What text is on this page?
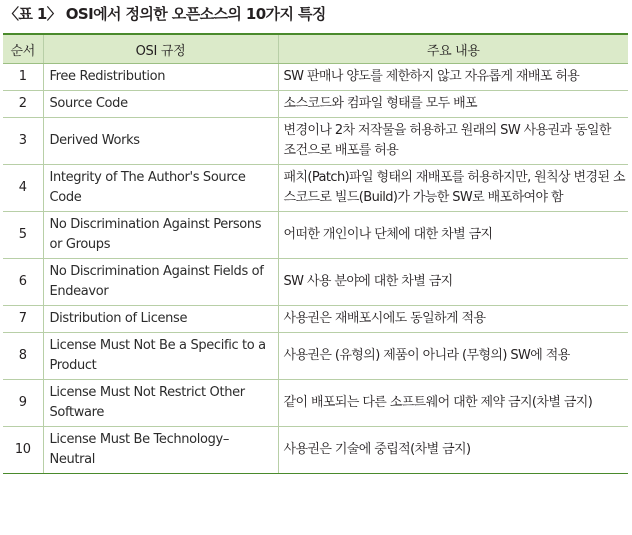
〈표 1〉 OSI에서 정의한 오픈소스의 10가지 특징
순서	OSI 규정	주요 내용
1	Free Redistribution	SW 판매나 양도를 제한하지 않고 자유롭게 재배포 허용
2	Source Code	소스코드와 컴파일 형태를 모두 배포
3	Derived Works	변경이나 2차 저작물을 허용하고 원래의 SW 사용권과 동일한 조건으로 배포를 허용
4	Integrity of The Author's Source Code	패치(Patch)파일 형태의 재배포를 허용하지만, 원칙상 변경된 소스코드로 빌드(Build)가 가능한 SW로 배포하여야 함
5	No Discrimination Against Persons or Groups	어떠한 개인이나 단체에 대한 차별 금지
6	No Discrimination Against Fields of Endeavor	SW 사용 분야에 대한 차별 금지
7	Distribution of License	사용권은 재배포시에도 동일하게 적용
8	License Must Not Be a Specific to a Product	사용권은 (유형의) 제품이 아니라 (무형의) SW에 적용
9	License Must Not Restrict Other Software	같이 배포되는 다른 소프트웨어 대한 제약 금지(차별 금지)
10	License Must Be Technology–Neutral	사용권은 기술에 중립적(차별 금지)
